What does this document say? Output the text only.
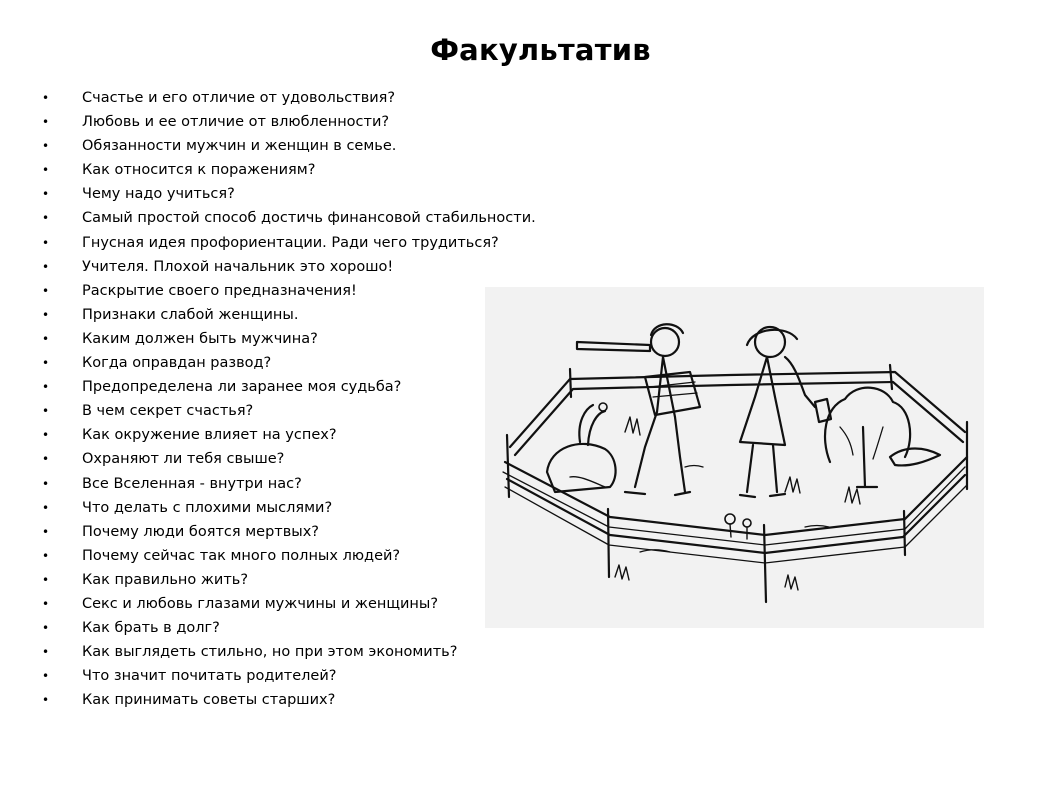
Факультатив
• Счастье и его отличие от удовольствия?
• Любовь и ее отличие от влюбленности?
• Обязанности мужчин и женщин в семье.
• Как относится к поражениям?
• Чему надо учиться?
• Самый простой способ достичь финансовой стабильности.
• Гнусная идея профориентации. Ради чего трудиться?
• Учителя. Плохой начальник это хорошо!
• Раскрытие своего предназначения!
• Признаки слабой женщины.
• Каким должен быть мужчина?
• Когда оправдан развод?
• Предопределена ли заранее моя судьба?
• В чем секрет счастья?
• Как окружение влияет на успех?
• Охраняют ли тебя свыше?
• Все Вселенная - внутри нас?
• Что делать с плохими мыслями?
• Почему люди боятся мертвых?
• Почему сейчас так много полных людей?
• Как правильно жить?
• Секс и любовь глазами мужчины и женщины?
• Как брать в долг?
• Как выглядеть стильно, но при этом экономить?
• Что значит почитать родителей?
• Как принимать советы старших?
